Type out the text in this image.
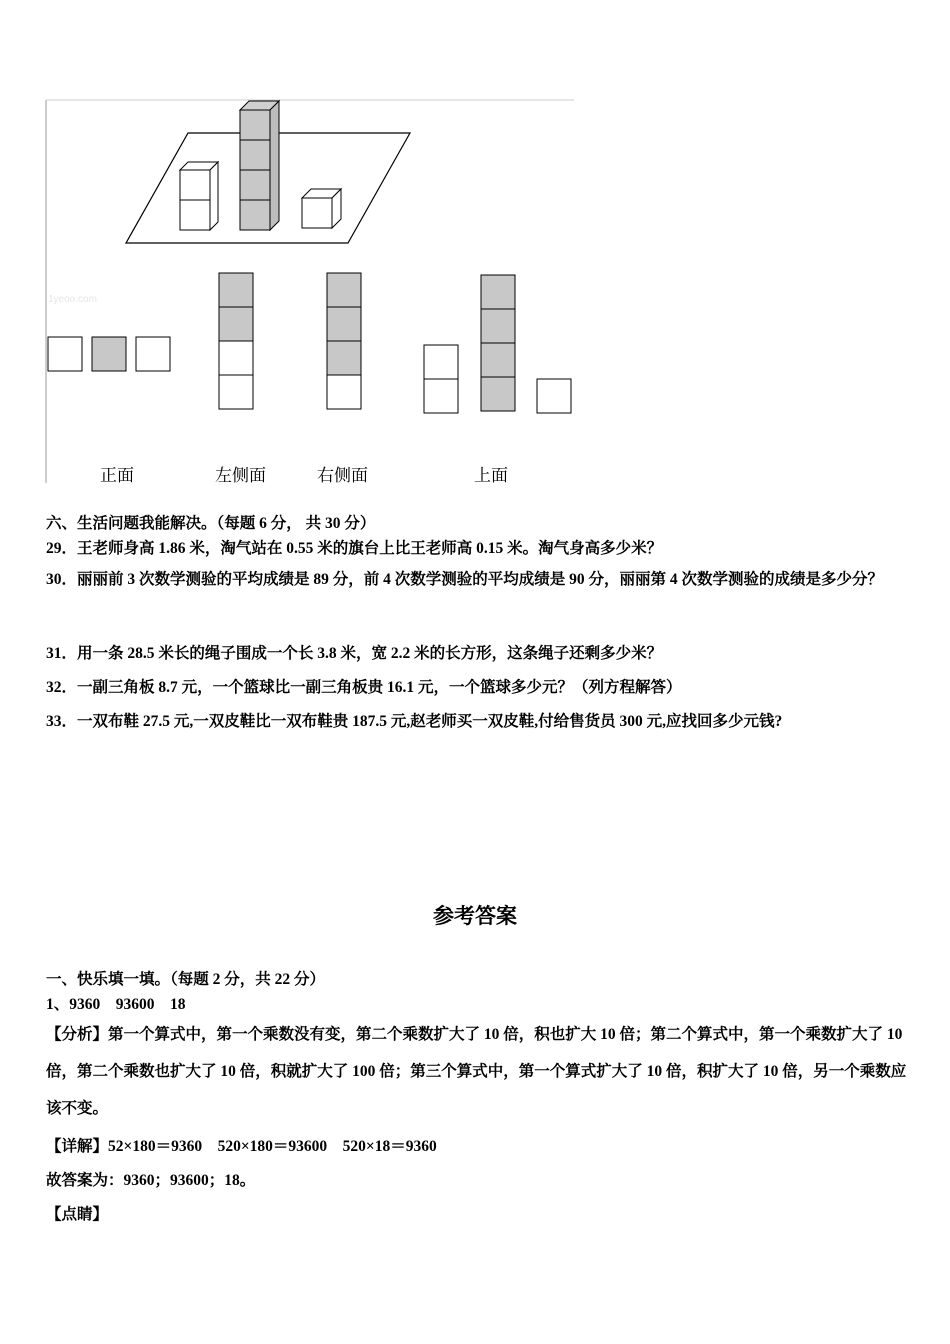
1yeoo.com
正面	左侧面	右侧面	上面
六、生活问题我能解决。（每题 6 分， 共 30 分）
29．王老师身高 1.86 米，淘气站在 0.55 米的旗台上比王老师高 0.15 米。淘气身高多少米？
30．丽丽前 3 次数学测验的平均成绩是 89 分，前 4 次数学测验的平均成绩是 90 分，丽丽第 4 次数学测验的成绩是多少分？
31．用一条 28.5 米长的绳子围成一个长 3.8 米，宽 2.2 米的长方形，这条绳子还剩多少米？
32．一副三角板 8.7 元，一个篮球比一副三角板贵 16.1 元，一个篮球多少元？（列方程解答）
33．一双布鞋 27.5 元,一双皮鞋比一双布鞋贵 187.5 元,赵老师买一双皮鞋,付给售货员 300 元,应找回多少元钱?
参考答案
一、快乐填一填。（每题 2 分，共 22 分）
1、9360　93600　18
【分析】第一个算式中，第一个乘数没有变，第二个乘数扩大了 10 倍，积也扩大 10 倍；第二个算式中，第一个乘数扩大了 10 倍，第二个乘数也扩大了 10 倍，积就扩大了 100 倍；第三个算式中，第一个算式扩大了 10 倍，积扩大了 10 倍，另一个乘数应该不变。
【详解】52×180＝9360　520×180＝93600　520×18＝9360
故答案为：9360；93600；18。
【点睛】
